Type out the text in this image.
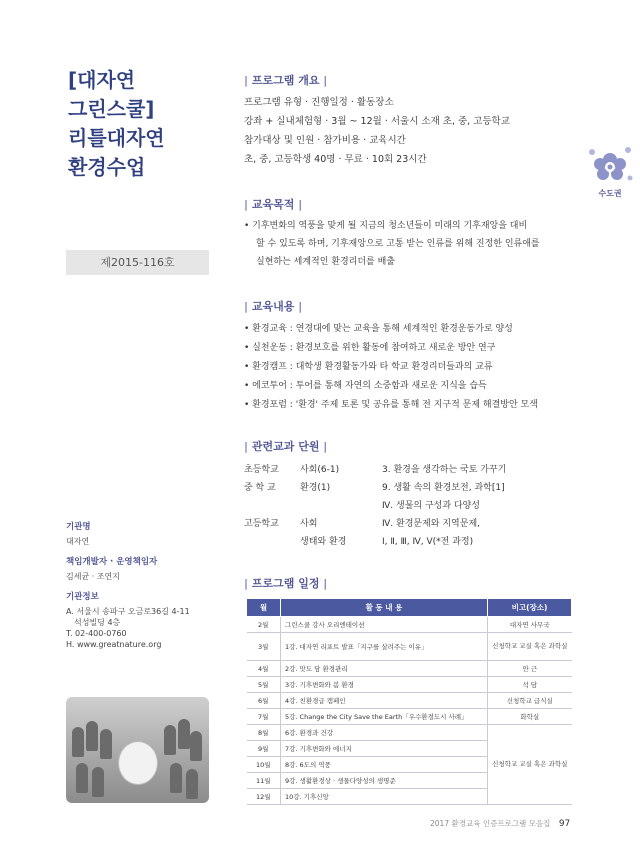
[대자연
그린스쿨]
리틀대자연
환경수업
제2015-116호
수도권
기관명
대자연
책임개발자 · 운영책임자
김세균 · 조연지
기관정보
A. 서울시 송파구 오금로36길 4-11
석성빌딩 4층
T. 02-400-0760
H. www.greatnature.org
| 프로그램 개요 |
프로그램 유형 · 진행일정 · 활동장소
강좌 + 실내체험형 · 3월 ~ 12월 · 서울시 소재 초, 중, 고등학교
참가대상 및 인원 · 참가비용 · 교육시간
초, 중, 고등학생 40명 · 무료 · 10회 23시간
| 교육목적 |
• 기후변화의 역풍을 맞게 될 지금의 청소년들이 미래의 기후재앙을 대비
할 수 있도록 하며, 기후재앙으로 고통 받는 인류를 위해 진정한 인류애를
실현하는 세계적인 환경리더를 배출
| 교육내용 |
• 환경교육 : 연경대에 맞는 교육을 통해 세계적인 환경운동가로 양성
• 실천운동 : 환경보호를 위한 활동에 참여하고 새로운 방안 연구
• 환경캠프 : 대학생 환경활동가와 타 학교 환경리더들과의 교류
• 에코투어 : 투어를 통해 자연의 소중함과 새로운 지식을 습득
• 환경포럼 : '환경' 주제 토론 및 공유를 통해 전 지구적 문제 해결방안 모색
| 관련교과 단원 |
초등학교 사회(6-1)	3. 환경을 생각하는 국토 가꾸기
중 학 교	환경(1)	9. 생활 속의 환경보전, 과학[1]
Ⅳ. 생물의 구성과 다양성
고등학교 사회	Ⅳ. 환경문제와 지역문제,
생태와 환경	Ⅰ, Ⅱ, Ⅲ, Ⅳ, Ⅴ(*전 과정)
| 프로그램 일정 |
월	활 동 내 용	비고(장소)
2월	그린스쿨 강사 오리엔테이션	대자연 사무국
3월	1강. 대자연 리포트 발표「지구를 살려주는 이유」	신청학교 교실 혹은 과학실
4월	2강. 맛도 담 환경관리	안 근
5월	3강. 기후변화와 봄 환경	석 담
6월	4강. 친환경급 캠페인	신청학교 급식실
7월	5강. Change the City Save the Earth「우수환경도시 사례」	화학실
8월	6강. 환경과 건강	신청학교 교실 혹은 과학실
9월	7강. 기후변화와 에너지	
10월	8강. 6도의 역풍	
11월	9강. 생활환경상 · 생물다양성의 생명준	
12월	10강. 기후신앙	
2017 환경교육 인증프로그램 모음집 97
